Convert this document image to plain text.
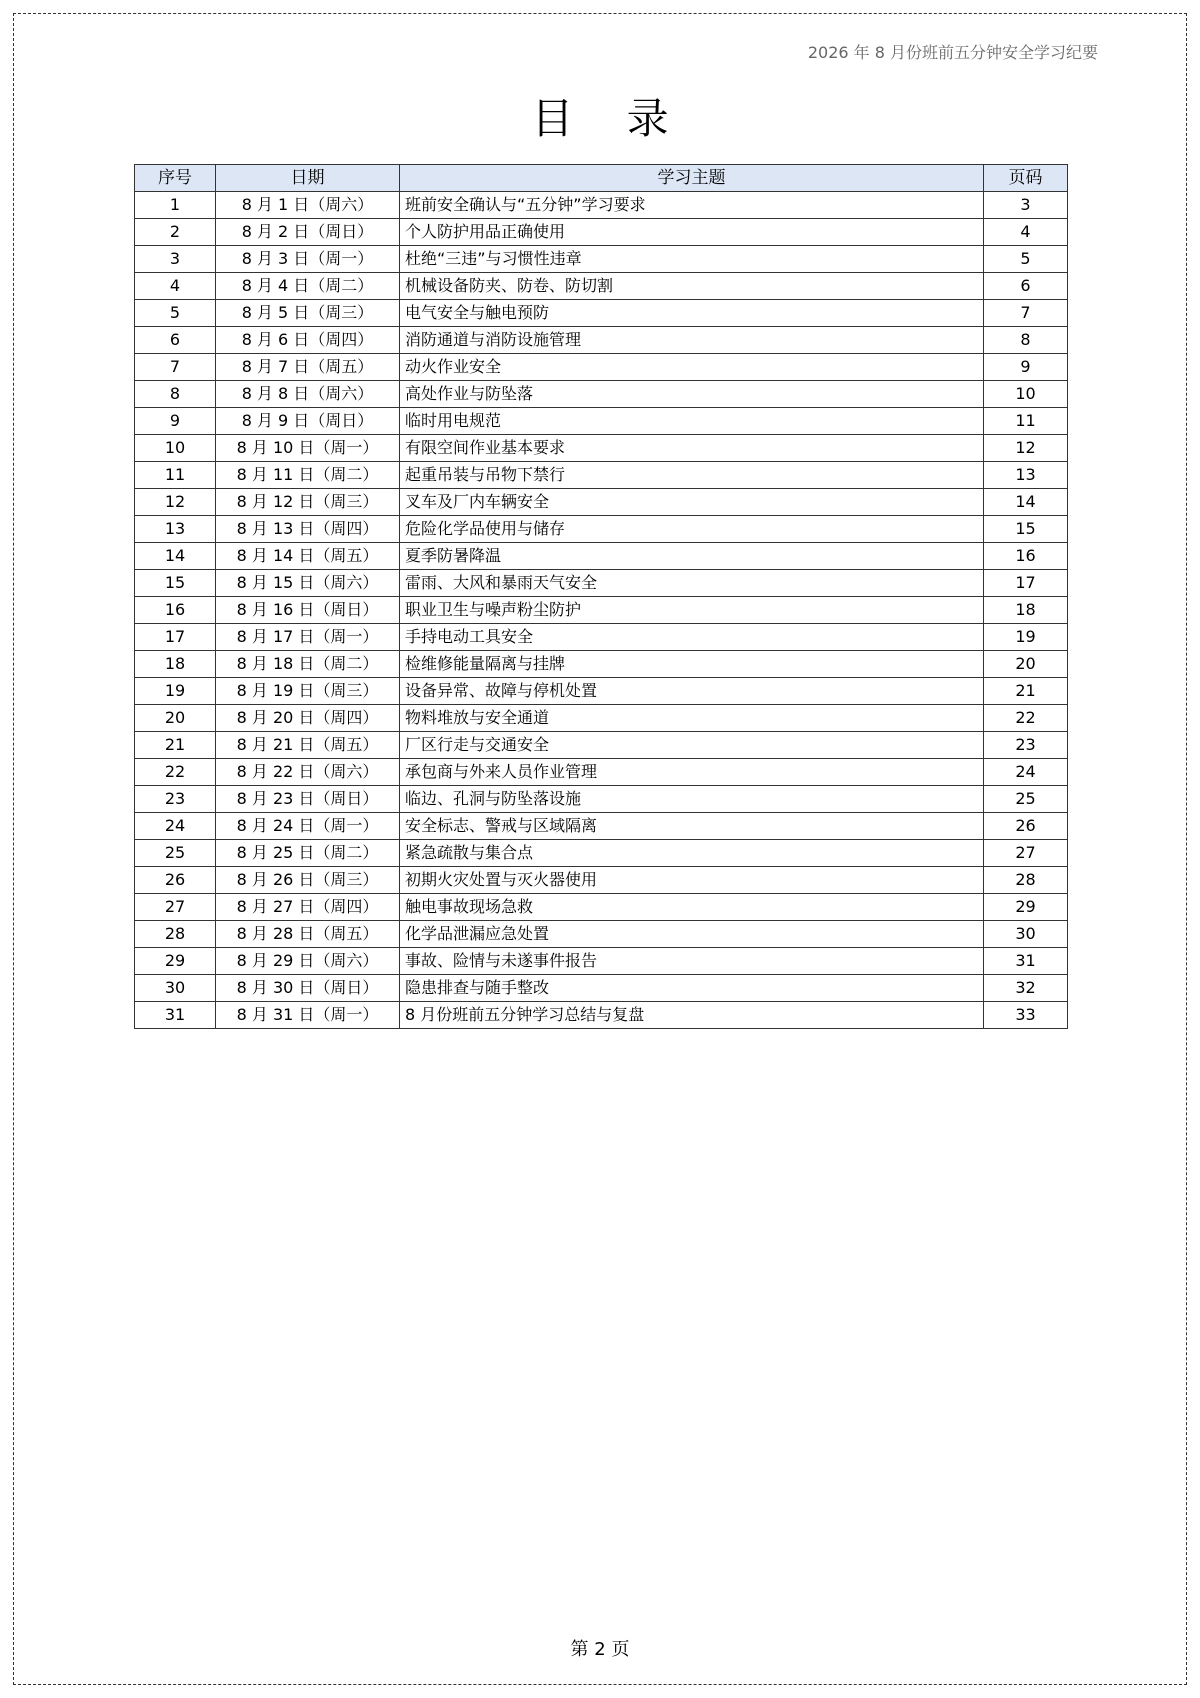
2026 年 8 月份班前五分钟安全学习纪要
目 录
序号	日期	学习主题	页码
1	8 月 1 日（周六）	班前安全确认与“五分钟”学习要求	3
2	8 月 2 日（周日）	个人防护用品正确使用	4
3	8 月 3 日（周一）	杜绝“三违”与习惯性违章	5
4	8 月 4 日（周二）	机械设备防夹、防卷、防切割	6
5	8 月 5 日（周三）	电气安全与触电预防	7
6	8 月 6 日（周四）	消防通道与消防设施管理	8
7	8 月 7 日（周五）	动火作业安全	9
8	8 月 8 日（周六）	高处作业与防坠落	10
9	8 月 9 日（周日）	临时用电规范	11
10	8 月 10 日（周一）	有限空间作业基本要求	12
11	8 月 11 日（周二）	起重吊装与吊物下禁行	13
12	8 月 12 日（周三）	叉车及厂内车辆安全	14
13	8 月 13 日（周四）	危险化学品使用与储存	15
14	8 月 14 日（周五）	夏季防暑降温	16
15	8 月 15 日（周六）	雷雨、大风和暴雨天气安全	17
16	8 月 16 日（周日）	职业卫生与噪声粉尘防护	18
17	8 月 17 日（周一）	手持电动工具安全	19
18	8 月 18 日（周二）	检维修能量隔离与挂牌	20
19	8 月 19 日（周三）	设备异常、故障与停机处置	21
20	8 月 20 日（周四）	物料堆放与安全通道	22
21	8 月 21 日（周五）	厂区行走与交通安全	23
22	8 月 22 日（周六）	承包商与外来人员作业管理	24
23	8 月 23 日（周日）	临边、孔洞与防坠落设施	25
24	8 月 24 日（周一）	安全标志、警戒与区域隔离	26
25	8 月 25 日（周二）	紧急疏散与集合点	27
26	8 月 26 日（周三）	初期火灾处置与灭火器使用	28
27	8 月 27 日（周四）	触电事故现场急救	29
28	8 月 28 日（周五）	化学品泄漏应急处置	30
29	8 月 29 日（周六）	事故、险情与未遂事件报告	31
30	8 月 30 日（周日）	隐患排查与随手整改	32
31	8 月 31 日（周一）	8 月份班前五分钟学习总结与复盘	33
第 2 页
